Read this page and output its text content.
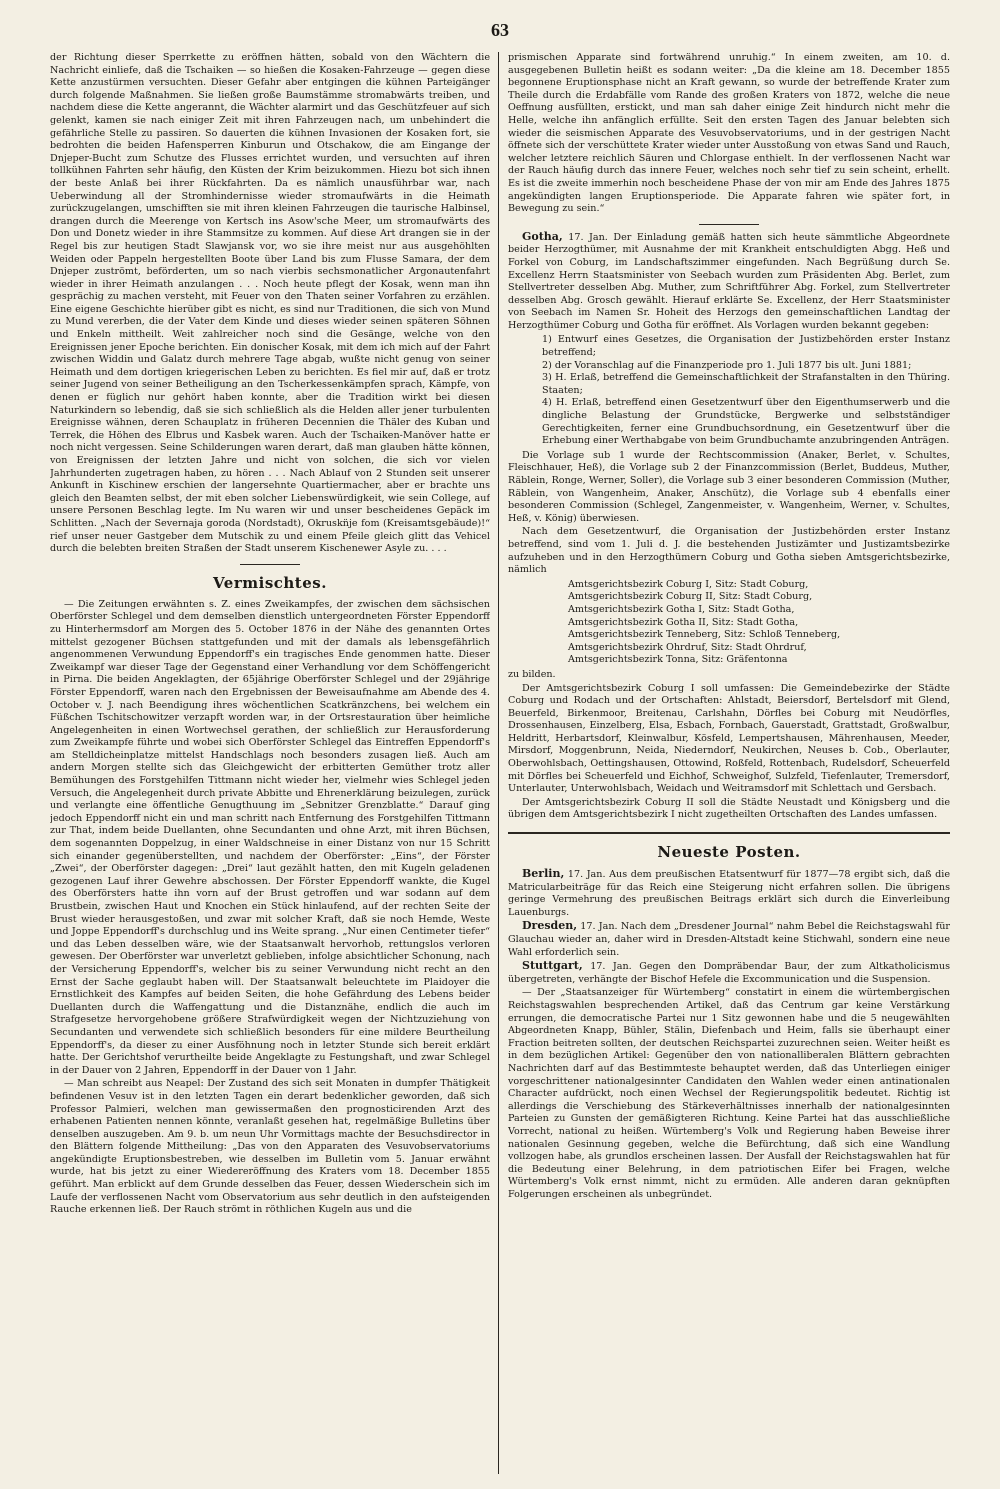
63

der Richtung dieser Sperrkette zu eröffnen hätten, sobald von den Wächtern die Nachricht einliefe, daß die Tschaiken — so hießen die Kosaken-Fahrzeuge — gegen diese Kette anzustürmen versuchten. Dieser Gefahr aber entgingen die kühnen Parteigänger durch folgende Maßnahmen. Sie ließen große Baumstämme stromabwärts treiben, und nachdem diese die Kette angerannt, die Wächter alarmirt und das Geschützfeuer auf sich gelenkt, kamen sie nach einiger Zeit mit ihren Fahrzeugen nach, um unbehindert die gefährliche Stelle zu passiren. So dauerten die kühnen Invasionen der Kosaken fort, sie bedrohten die beiden Hafensperren Kinburun und Otschakow, die am Eingange der Dnjeper-Bucht zum Schutze des Flusses errichtet wurden, und versuchten auf ihren tollkühnen Fahrten sehr häufig, den Küsten der Krim beizukommen. Hiezu bot sich ihnen der beste Anlaß bei ihrer Rückfahrten. Da es nämlich unausführbar war, nach Ueberwindung all der Stromhindernisse wieder stromaufwärts in die Heimath zurückzugelangen, umschifften sie mit ihren kleinen Fahrzeugen die taurische Halbinsel, drangen durch die Meerenge von Kertsch ins Asow'sche Meer, um stromaufwärts des Don und Donetz wieder in ihre Stammsitze zu kommen. Auf diese Art drangen sie in der Regel bis zur heutigen Stadt Slawjansk vor, wo sie ihre meist nur aus ausgehöhlten Weiden oder Pappeln hergestellten Boote über Land bis zum Flusse Samara, der dem Dnjeper zuströmt, beförderten, um so nach vierbis sechsmonatlicher Argonautenfahrt wieder in ihrer Heimath anzulangen . . . Noch heute pflegt der Kosak, wenn man ihn gesprächig zu machen versteht, mit Feuer von den Thaten seiner Vorfahren zu erzählen. Eine eigene Geschichte hierüber gibt es nicht, es sind nur Traditionen, die sich von Mund zu Mund vererben, die der Vater dem Kinde und dieses wieder seinen späteren Söhnen und Enkeln mittheilt. Weit zahlreicher noch sind die Gesänge, welche von den Ereignissen jener Epoche berichten. Ein donischer Kosak, mit dem ich mich auf der Fahrt zwischen Widdin und Galatz durch mehrere Tage abgab, wußte nicht genug von seiner Heimath und dem dortigen kriegerischen Leben zu berichten. Es fiel mir auf, daß er trotz seiner Jugend von seiner Betheiligung an den Tscherkessenkämpfen sprach, Kämpfe, von denen er füglich nur gehört haben konnte, aber die Tradition wirkt bei diesen Naturkindern so lebendig, daß sie sich schließlich als die Helden aller jener turbulenten Ereignisse wähnen, deren Schauplatz in früheren Decennien die Thäler des Kuban und Terrek, die Höhen des Elbrus und Kasbek waren. Auch der Tschaiken-Manöver hatte er noch nicht vergessen. Seine Schilderungen waren derart, daß man glauben hätte können, von Ereignissen der letzten Jahre und nicht von solchen, die sich vor vielen Jahrhunderten zugetragen haben, zu hören . . . Nach Ablauf von 2 Stunden seit unserer Ankunft in Kischinew erschien der langersehnte Quartiermacher, aber er brachte uns gleich den Beamten selbst, der mit eben solcher Liebenswürdigkeit, wie sein College, auf unsere Personen Beschlag legte. Im Nu waren wir und unser bescheidenes Gepäck im Schlitten. „Nach der Severnaja goroda (Nordstadt), Okruskn̈je fom (Kreisamtsgebäude)!“ rief unser neuer Gastgeber dem Mutschik zu und einem Pfeile gleich glitt das Vehicel durch die belebten breiten Straßen der Stadt unserem Kischenewer Asyle zu. . . .

Vermischtes.

— Die Zeitungen erwähnten s. Z. eines Zweikampfes, der zwischen dem sächsischen Oberförster Schlegel und dem demselben dienstlich untergeordneten Förster Eppendorff zu Hinterhermsdorf am Morgen des 5. October 1876 in der Nähe des genannten Ortes mittelst gezogener Büchsen stattgefunden und mit der damals als lebensgefährlich angenommenen Verwundung Eppendorff's ein tragisches Ende genommen hatte. Dieser Zweikampf war dieser Tage der Gegenstand einer Verhandlung vor dem Schöffengericht in Pirna. Die beiden Angeklagten, der 65jährige Oberförster Schlegel und der 29jährige Förster Eppendorff, waren nach den Ergebnissen der Beweisaufnahme am Abende des 4. October v. J. nach Beendigung ihres wöchentlichen Scatkränzchens, bei welchem ein Füßchen Tschitschowitzer verzapft worden war, in der Ortsrestauration über heimliche Angelegenheiten in einen Wortwechsel gerathen, der schließlich zur Herausforderung zum Zweikampfe führte und wobei sich Oberförster Schlegel das Eintreffen Eppendorff's am Stelldicheinplatze mittelst Handschlags noch besonders zusagen ließ. Auch am andern Morgen stellte sich das Gleichgewicht der erbitterten Gemüther trotz aller Bemühungen des Forstgehilfen Tittmann nicht wieder her, vielmehr wies Schlegel jeden Versuch, die Angelegenheit durch private Abbitte und Ehrenerklärung beizulegen, zurück und verlangte eine öffentliche Genugthuung im „Sebnitzer Grenzblatte.“ Darauf ging jedoch Eppendorff nicht ein und man schritt nach Entfernung des Forstgehilfen Tittmann zur That, indem beide Duellanten, ohne Secundanten und ohne Arzt, mit ihren Büchsen, dem sogenannten Doppelzug, in einer Waldschneise in einer Distanz von nur 15 Schritt sich einander gegenüberstellten, und nachdem der Oberförster: „Eins“, der Förster „Zwei“, der Oberförster dagegen: „Drei“ laut gezählt hatten, den mit Kugeln geladenen gezogenen Lauf ihrer Gewehre abschossen. Der Förster Eppendorff wankte, die Kugel des Oberförsters hatte ihn vorn auf der Brust getroffen und war sodann auf dem Brustbein, zwischen Haut und Knochen ein Stück hinlaufend, auf der rechten Seite der Brust wieder herausgestoßen, und zwar mit solcher Kraft, daß sie noch Hemde, Weste und Joppe Eppendorff's durchschlug und ins Weite sprang. „Nur einen Centimeter tiefer“ und das Leben desselben wäre, wie der Staatsanwalt hervorhob, rettungslos verloren gewesen. Der Oberförster war unverletzt geblieben, infolge absichtlicher Schonung, nach der Versicherung Eppendorff's, welcher bis zu seiner Verwundung nicht recht an den Ernst der Sache geglaubt haben will. Der Staatsanwalt beleuchtete im Plaidoyer die Ernstlichkeit des Kampfes auf beiden Seiten, die hohe Gefährdung des Lebens beider Duellanten durch die Waffengattung und die Distanznähe, endlich die auch im Strafgesetze hervorgehobene größere Strafwürdigkeit wegen der Nichtzuziehung von Secundanten und verwendete sich schließlich besonders für eine mildere Beurtheilung Eppendorff's, da dieser zu einer Ausföhnung noch in letzter Stunde sich bereit erklärt hatte. Der Gerichtshof verurtheilte beide Angeklagte zu Festungshaft, und zwar Schlegel in der Dauer von 2 Jahren, Eppendorff in der Dauer von 1 Jahr.

— Man schreibt aus Neapel: Der Zustand des sich seit Monaten in dumpfer Thätigkeit befindenen Vesuv ist in den letzten Tagen ein derart bedenklicher geworden, daß sich Professor Palmieri, welchen man gewissermaßen den prognosticirenden Arzt des erhabenen Patienten nennen könnte, veranlaßt gesehen hat, regelmäßige Bulletins über denselben auszugeben. Am 9. b. um neun Uhr Vormittags machte der Besuchsdirector in den Blättern folgende Mittheilung: „Das von den Apparaten des Vesuvobservatoriums angekündigte Eruptionsbestreben, wie desselben im Bulletin vom 5. Januar erwähnt wurde, hat bis jetzt zu einer Wiedereröffnung des Kraters vom 18. December 1855 geführt. Man erblickt auf dem Grunde desselben das Feuer, dessen Wiederschein sich im Laufe der verflossenen Nacht vom Observatorium aus sehr deutlich in den aufsteigenden Rauche erkennen ließ. Der Rauch strömt in röthlichen Kugeln aus und die

prismischen Apparate sind fortwährend unruhig.“ In einem zweiten, am 10. d. ausgegebenen Bulletin heißt es sodann weiter: „Da die kleine am 18. December 1855 begonnene Eruptionsphase nicht an Kraft gewann, so wurde der betreffende Krater zum Theile durch die Erdabfälle vom Rande des großen Kraters von 1872, welche die neue Oeffnung ausfüllten, erstickt, und man sah daher einige Zeit hindurch nicht mehr die Helle, welche ihn anfänglich erfüllte. Seit den ersten Tagen des Januar belebten sich wieder die seismischen Apparate des Vesuvobservatoriums, und in der gestrigen Nacht öffnete sich der verschüttete Krater wieder unter Ausstoßung von etwas Sand und Rauch, welcher letztere reichlich Säuren und Chlorgase enthielt. In der verflossenen Nacht war der Rauch häufig durch das innere Feuer, welches noch sehr tief zu sein scheint, erhellt. Es ist die zweite immerhin noch bescheidene Phase der von mir am Ende des Jahres 1875 angekündigten langen Eruptionsperiode. Die Apparate fahren wie später fort, in Bewegung zu sein.“

Gotha, 17. Jan. Der Einladung gemäß hatten sich heute sämmtliche Abgeordnete beider Herzogthümer, mit Ausnahme der mit Krankheit entschuldigten Abgg. Heß und Forkel von Coburg, im Landschaftszimmer eingefunden. Nach Begrüßung durch Se. Excellenz Herrn Staatsminister von Seebach wurden zum Präsidenten Abg. Berlet, zum Stellvertreter desselben Abg. Muther, zum Schriftführer Abg. Forkel, zum Stellvertreter desselben Abg. Grosch gewählt. Hierauf erklärte Se. Excellenz, der Herr Staatsminister von Seebach im Namen Sr. Hoheit des Herzogs den gemeinschaftlichen Landtag der Herzogthümer Coburg und Gotha für eröffnet. Als Vorlagen wurden bekannt gegeben:

1) Entwurf eines Gesetzes, die Organisation der Justizbehörden erster Instanz betreffend;
2) der Voranschlag auf die Finanzperiode pro 1. Juli 1877 bis ult. Juni 1881;
3) H. Erlaß, betreffend die Gemeinschaftlichkeit der Strafanstalten in den Thüring. Staaten;
4) H. Erlaß, betreffend einen Gesetzentwurf über den Eigenthumserwerb und die dingliche Belastung der Grundstücke, Bergwerke und selbstständiger Gerechtigkeiten, ferner eine Grundbuchsordnung, ein Gesetzentwurf über die Erhebung einer Werthabgabe von beim Grundbuchamte anzubringenden Anträgen.

Die Vorlage sub 1 wurde der Rechtscommission (Anaker, Berlet, v. Schultes, Fleischhauer, Heß), die Vorlage sub 2 der Finanzcommission (Berlet, Buddeus, Muther, Räblein, Ronge, Werner, Soller), die Vorlage sub 3 einer besonderen Commission (Muther, Räblein, von Wangenheim, Anaker, Anschütz), die Vorlage sub 4 ebenfalls einer besonderen Commission (Schlegel, Zangenmeister, v. Wangenheim, Werner, v. Schultes, Heß, v. König) überwiesen.

Nach dem Gesetzentwurf, die Organisation der Justizbehörden erster Instanz betreffend, sind vom 1. Juli d. J. die bestehenden Justizämter und Justizamtsbezirke aufzuheben und in den Herzogthümern Coburg und Gotha sieben Amtsgerichtsbezirke, nämlich

Amtsgerichtsbezirk Coburg I, Sitz: Stadt Coburg,
Amtsgerichtsbezirk Coburg II, Sitz: Stadt Coburg,
Amtsgerichtsbezirk Gotha I, Sitz: Stadt Gotha,
Amtsgerichtsbezirk Gotha II, Sitz: Stadt Gotha,
Amtsgerichtsbezirk Tenneberg, Sitz: Schloß Tenneberg,
Amtsgerichtsbezirk Ohrdruf, Sitz: Stadt Ohrdruf,
Amtsgerichtsbezirk Tonna, Sitz: Gräfentonna

zu bilden.

Der Amtsgerichtsbezirk Coburg I soll umfassen: Die Gemeindebezirke der Städte Coburg und Rodach und der Ortschaften: Ahlstadt, Beiersdorf, Bertelsdorf mit Glend, Beuerfeld, Birkenmoor, Breitenau, Carlshahn, Dörfles bei Coburg mit Neudörfles, Drossenhausen, Einzelberg, Elsa, Esbach, Fornbach, Gauerstadt, Grattstadt, Großwalbur, Heldritt, Herbartsdorf, Kleinwalbur, Kösfeld, Lempertshausen, Mährenhausen, Meeder, Mirsdorf, Moggenbrunn, Neida, Niederndorf, Neukirchen, Neuses b. Cob., Oberlauter, Oberwohlsbach, Oettingshausen, Ottowind, Roßfeld, Rottenbach, Rudelsdorf, Scheuerfeld mit Dörfles bei Scheuerfeld und Eichhof, Schweighof, Sulzfeld, Tiefenlauter, Tremersdorf, Unterlauter, Unterwohlsbach, Weidach und Weitramsdorf mit Schlettach und Gersbach.

Der Amtsgerichtsbezirk Coburg II soll die Städte Neustadt und Königsberg und die übrigen dem Amtsgerichtsbezirk I nicht zugetheilten Ortschaften des Landes umfassen.

Neueste Posten.

Berlin, 17. Jan. Aus dem preußischen Etatsentwurf für 1877—78 ergibt sich, daß die Matricularbeiträge für das Reich eine Steigerung nicht erfahren sollen. Die übrigens geringe Vermehrung des preußischen Beitrags erklärt sich durch die Einverleibung Lauenburgs.

Dresden, 17. Jan. Nach dem „Dresdener Journal“ nahm Bebel die Reichstagswahl für Glauchau wieder an, daher wird in Dresden-Altstadt keine Stichwahl, sondern eine neue Wahl erforderlich sein.

Stuttgart, 17. Jan. Gegen den Dompräbendar Baur, der zum Altkatholicismus übergetreten, verhängte der Bischof Hefele die Excommunication und die Suspension.

— Der „Staatsanzeiger für Würtemberg“ constatirt in einem die würtembergischen Reichstagswahlen besprechenden Artikel, daß das Centrum gar keine Verstärkung errungen, die democratische Partei nur 1 Sitz gewonnen habe und die 5 neugewählten Abgeordneten Knapp, Bühler, Stälin, Diefenbach und Heim, falls sie überhaupt einer Fraction beitreten sollten, der deutschen Reichspartei zuzurechnen seien. Weiter heißt es in dem bezüglichen Artikel: Gegenüber den von nationalliberalen Blättern gebrachten Nachrichten darf auf das Bestimmteste behauptet werden, daß das Unterliegen einiger vorgeschrittener nationalgesinnter Candidaten den Wahlen weder einen antinationalen Character aufdrückt, noch einen Wechsel der Regierungspolitik bedeutet. Richtig ist allerdings die Verschiebung des Stärkeverhältnisses innerhalb der nationalgesinnten Parteien zu Gunsten der gemäßigteren Richtung. Keine Partei hat das ausschließliche Vorrecht, national zu heißen. Würtemberg's Volk und Regierung haben Beweise ihrer nationalen Gesinnung gegeben, welche die Befürchtung, daß sich eine Wandlung vollzogen habe, als grundlos erscheinen lassen. Der Ausfall der Reichstagswahlen hat für die Bedeutung einer Belehrung, in dem patriotischen Eifer bei Fragen, welche Würtemberg's Volk ernst nimmt, nicht zu ermüden. Alle anderen daran geknüpften Folgerungen erscheinen als unbegründet.
